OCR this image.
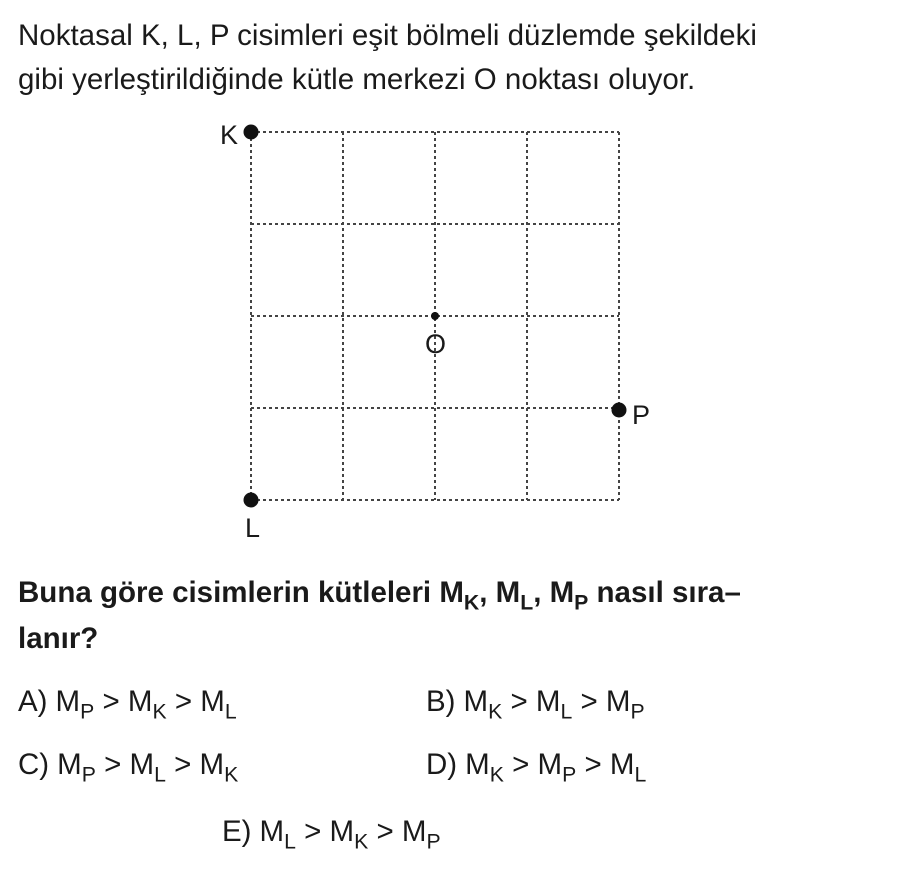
Noktasal K, L, P cisimleri eşit bölmeli düzlemde şekildeki
gibi yerleştirildiğinde kütle merkezi O noktası oluyor.

K
L
P
O

Buna göre cisimlerin kütleleri $M_K$, $M_L$, $M_P$ nasıl sıra–
lanır?

A) $M_P > M_K > M_L$	B) $M_K > M_L > M_P$
C) $M_P > M_L > M_K$	D) $M_K > M_P > M_L$
E) $M_L > M_K > M_P$
